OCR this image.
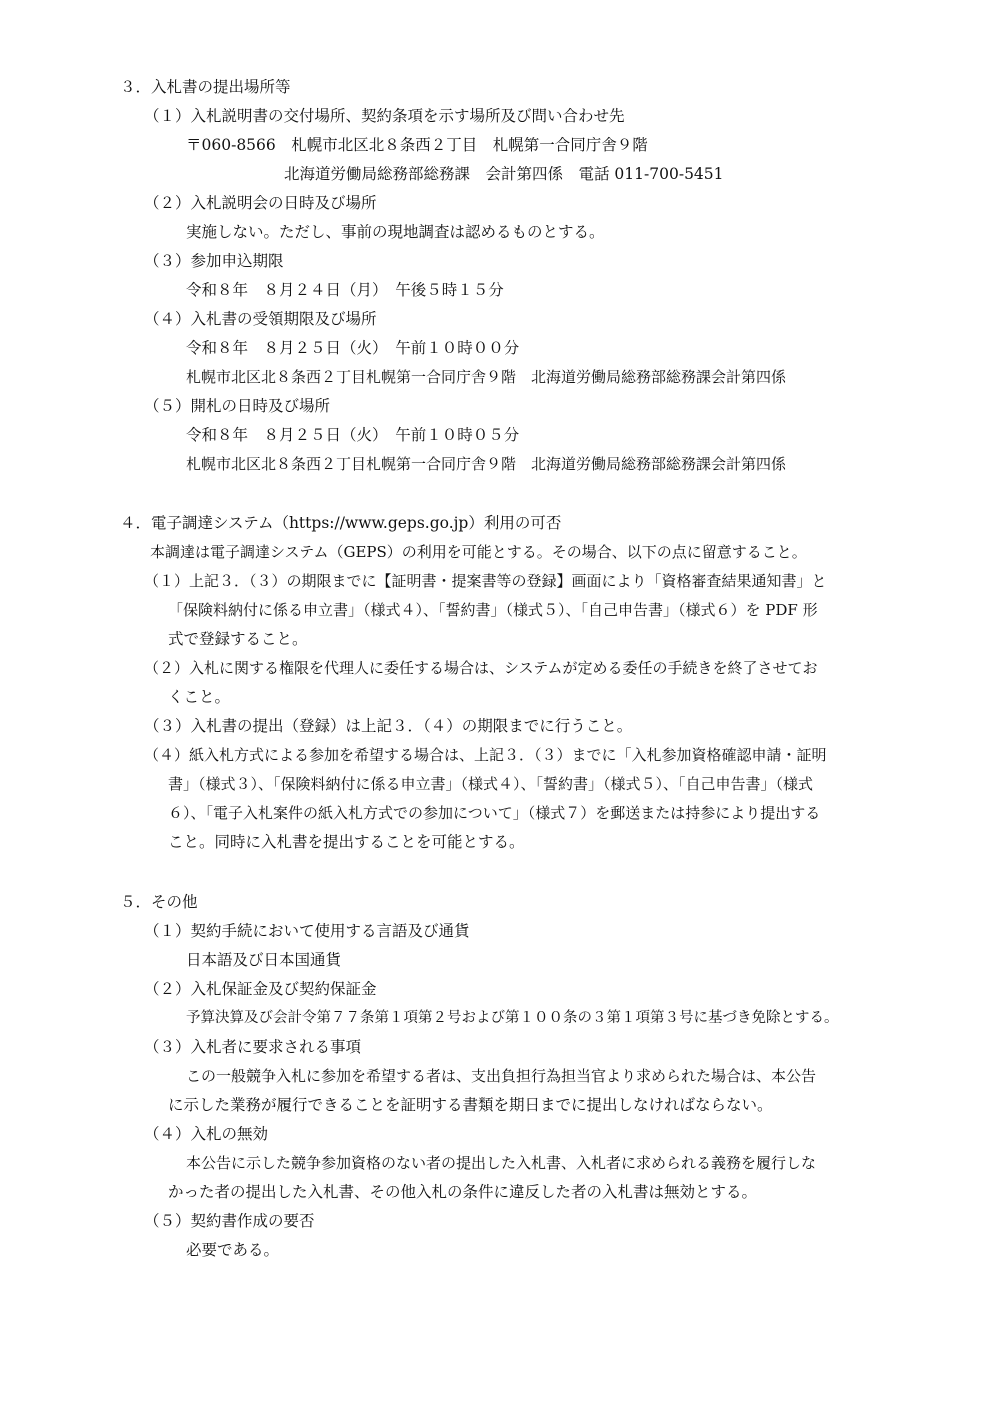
３．入札書の提出場所等
（１）入札説明書の交付場所、契約条項を示す場所及び問い合わせ先
〒060-8566　札幌市北区北８条西２丁目　札幌第一合同庁舎９階
北海道労働局総務部総務課　会計第四係　電話 011-700-5451
（２）入札説明会の日時及び場所
実施しない。ただし、事前の現地調査は認めるものとする。
（３）参加申込期限
令和８年　８月２４日（月）　午後５時１５分
（４）入札書の受領期限及び場所
令和８年　８月２５日（火）　午前１０時００分
札幌市北区北８条西２丁目札幌第一合同庁舎９階　北海道労働局総務部総務課会計第四係
（５）開札の日時及び場所
令和８年　８月２５日（火）　午前１０時０５分
札幌市北区北８条西２丁目札幌第一合同庁舎９階　北海道労働局総務部総務課会計第四係
４．電子調達システム（https://www.geps.go.jp）利用の可否
本調達は電子調達システム（GEPS）の利用を可能とする。その場合、以下の点に留意すること。
（１）上記３．（３）の期限までに【証明書・提案書等の登録】画面により「資格審査結果通知書」と
「保険料納付に係る申立書」（様式４）、「誓約書」（様式５）、「自己申告書」（様式６）を PDF 形
式で登録すること。
（２）入札に関する権限を代理人に委任する場合は、システムが定める委任の手続きを終了させてお
くこと。
（３）入札書の提出（登録）は上記３．（４）の期限までに行うこと。
（４）紙入札方式による参加を希望する場合は、上記３．（３）までに「入札参加資格確認申請・証明
書」（様式３）、「保険料納付に係る申立書」（様式４）、「誓約書」（様式５）、「自己申告書」（様式
６）、「電子入札案件の紙入札方式での参加について」（様式７）を郵送または持参により提出する
こと。同時に入札書を提出することを可能とする。
５．その他
（１）契約手続において使用する言語及び通貨
日本語及び日本国通貨
（２）入札保証金及び契約保証金
予算決算及び会計令第７７条第１項第２号および第１００条の３第１項第３号に基づき免除とする。
（３）入札者に要求される事項
この一般競争入札に参加を希望する者は、支出負担行為担当官より求められた場合は、本公告
に示した業務が履行できることを証明する書類を期日までに提出しなければならない。
（４）入札の無効
本公告に示した競争参加資格のない者の提出した入札書、入札者に求められる義務を履行しな
かった者の提出した入札書、その他入札の条件に違反した者の入札書は無効とする。
（５）契約書作成の要否
必要である。
